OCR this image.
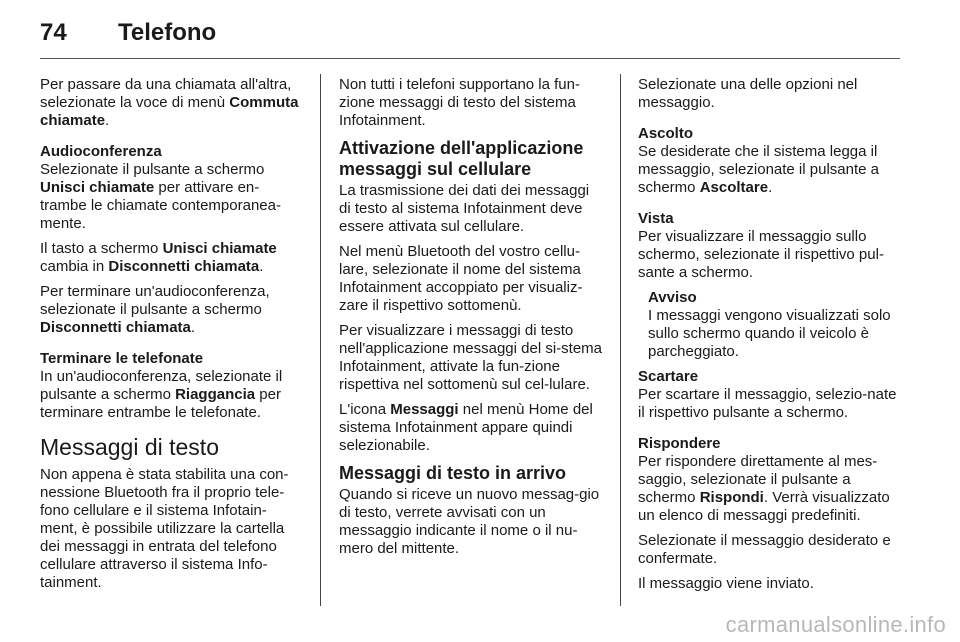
74 Telefono

Per passare da una chiamata all'altra, selezionate la voce di menù Commuta chiamate.

Audioconferenza
Selezionate il pulsante a schermo Unisci chiamate per attivare en-trambe le chiamate contemporanea-mente.

Il tasto a schermo Unisci chiamate cambia in Disconnetti chiamata.

Per terminare un'audioconferenza, selezionate il pulsante a schermo Disconnetti chiamata.

Terminare le telefonate
In un'audioconferenza, selezionate il pulsante a schermo Riaggancia per terminare entrambe le telefonate.

Messaggi di testo

Non appena è stata stabilita una con-nessione Bluetooth fra il proprio tele-fono cellulare e il sistema Infotain-ment, è possibile utilizzare la cartella dei messaggi in entrata del telefono cellulare attraverso il sistema Info-tainment.

Non tutti i telefoni supportano la fun-zione messaggi di testo del sistema Infotainment.

Attivazione dell'applicazione messaggi sul cellulare

La trasmissione dei dati dei messaggi di testo al sistema Infotainment deve essere attivata sul cellulare.

Nel menù Bluetooth del vostro cellu-lare, selezionate il nome del sistema Infotainment accoppiato per visualiz-zare il rispettivo sottomenù.

Per visualizzare i messaggi di testo nell'applicazione messaggi del si-stema Infotainment, attivate la fun-zione rispettiva nel sottomenù sul cel-lulare.

L'icona Messaggi nel menù Home del sistema Infotainment appare quindi selezionabile.

Messaggi di testo in arrivo

Quando si riceve un nuovo messag-gio di testo, verrete avvisati con un messaggio indicante il nome o il nu-mero del mittente.

Selezionate una delle opzioni nel messaggio.

Ascolto
Se desiderate che il sistema legga il messaggio, selezionate il pulsante a schermo Ascoltare.

Vista
Per visualizzare il messaggio sullo schermo, selezionate il rispettivo pul-sante a schermo.

Avviso
I messaggi vengono visualizzati solo sullo schermo quando il veicolo è parcheggiato.

Scartare
Per scartare il messaggio, selezio-nate il rispettivo pulsante a schermo.

Rispondere
Per rispondere direttamente al mes-saggio, selezionate il pulsante a schermo Rispondi. Verrà visualizzato un elenco di messaggi predefiniti.

Selezionate il messaggio desiderato e confermate.

Il messaggio viene inviato.

carmanualsonline.info
